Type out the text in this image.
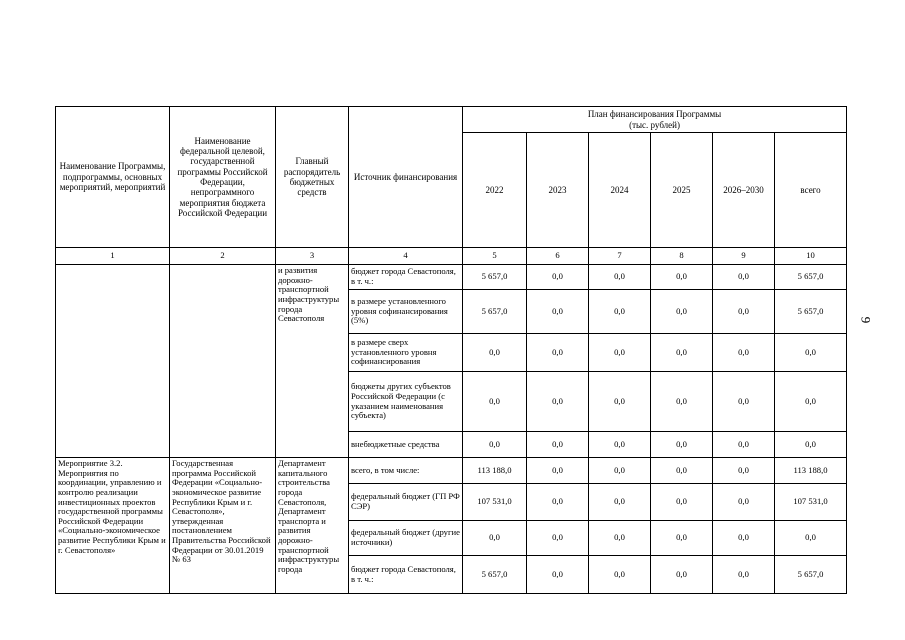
Наименование Программы, подпрограммы, основных мероприятий, мероприятий	Наименование федеральной целевой, государственной программы Российской Федерации, непрограммного мероприятия бюджета Российской Федерации	Главный распорядитель бюджетных средств	Источник финансирования	План финансирования Программы
(тыс. рублей)					

				2022	2023	2024	2025	2026–2030	всего
1	2	3	4	5	6	7	8	9	10
		и развития дорожно-транспортной инфраструктуры города Севастополя	бюджет города Севастополя, в т. ч.:	5 657,0	0,0	0,0	0,0	0,0	5 657,0
			в размере установленного уровня софинансирования (5%)	5 657,0	0,0	0,0	0,0	0,0	5 657,0
			в размере сверх установленного уровня софинансирования	0,0	0,0	0,0	0,0	0,0	0,0
			бюджеты других субъектов Российской Федерации (с указанием наименования субъекта)	0,0	0,0	0,0	0,0	0,0	0,0
			внебюджетные средства	0,0	0,0	0,0	0,0	0,0	0,0
Мероприятие 3.2. Мероприятия по координации, управлению и контролю реализации инвестиционных проектов государственной программы Российской Федерации «Социально-экономическое развитие Республики Крым и г. Севастополя»	Государственная программа Российской Федерации «Социально-экономическое развитие Республики Крым и г. Севастополя», утвержденная постановлением Правительства Российской Федерации от 30.01.2019 № 63	Департамент капитального строительства города Севастополя, Департамент транспорта и развития дорожно-транспортной инфраструктуры города	всего, в том числе:	113 188,0	0,0	0,0	0,0	0,0	113 188,0
			федеральный бюджет (ГП РФ СЭР)	107 531,0	0,0	0,0	0,0	0,0	107 531,0
			федеральный бюджет (другие источники)	0,0	0,0	0,0	0,0	0,0	0,0
			бюджет города Севастополя, в т. ч.:	5 657,0	0,0	0,0	0,0	0,0	5 657,0
9
